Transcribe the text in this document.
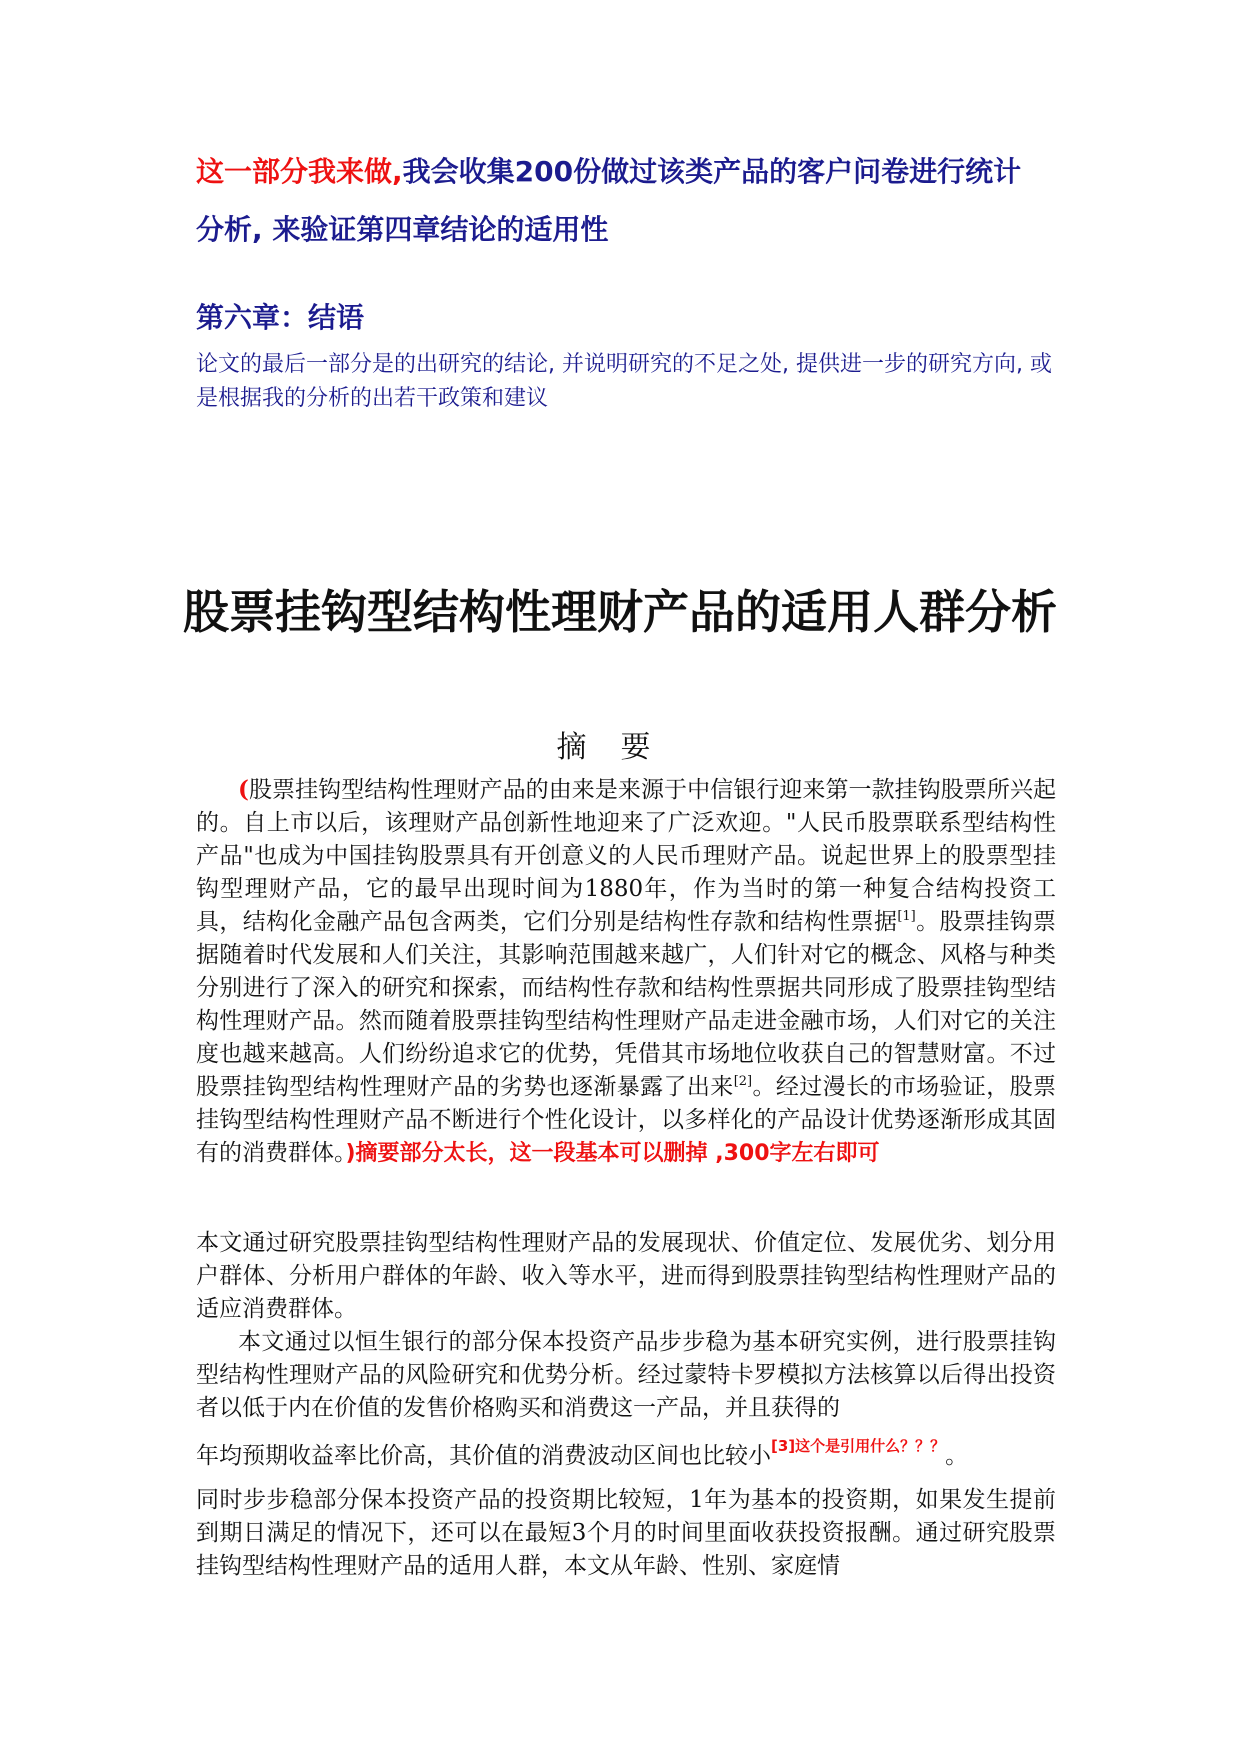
这一部分我来做,我会收集200份做过该类产品的客户问卷进行统计
分析, 来验证第四章结论的适用性
第六章：结语
论文的最后一部分是的出研究的结论, 并说明研究的不足之处, 提供进一步的研究方向, 或是根据我的分析的出若干政策和建议
股票挂钩型结构性理财产品的适用人群分析
摘要
(股票挂钩型结构性理财产品的由来是来源于中信银行迎来第一款挂钩股票所兴起的。自上市以后，该理财产品创新性地迎来了广泛欢迎。"人民币股票联系型结构性产品"也成为中国挂钩股票具有开创意义的人民币理财产品。说起世界上的股票型挂钩型理财产品，它的最早出现时间为1880年，作为当时的第一种复合结构投资工具，结构化金融产品包含两类，它们分别是结构性存款和结构性票据[1]。股票挂钩票据随着时代发展和人们关注，其影响范围越来越广，人们针对它的概念、风格与种类分别进行了深入的研究和探索，而结构性存款和结构性票据共同形成了股票挂钩型结构性理财产品。然而随着股票挂钩型结构性理财产品走进金融市场，人们对它的关注度也越来越高。人们纷纷追求它的优势，凭借其市场地位收获自己的智慧财富。不过股票挂钩型结构性理财产品的劣势也逐渐暴露了出来[2]。经过漫长的市场验证，股票挂钩型结构性理财产品不断进行个性化设计，以多样化的产品设计优势逐渐形成其固有的消费群体。)摘要部分太长，这一段基本可以删掉 ,300字左右即可
本文通过研究股票挂钩型结构性理财产品的发展现状、价值定位、发展优劣、划分用户群体、分析用户群体的年龄、收入等水平，进而得到股票挂钩型结构性理财产品的适应消费群体。
本文通过以恒生银行的部分保本投资产品步步稳为基本研究实例，进行股票挂钩型结构性理财产品的风险研究和优势分析。经过蒙特卡罗模拟方法核算以后得出投资者以低于内在价值的发售价格购买和消费这一产品，并且获得的
年均预期收益率比价高，其价值的消费波动区间也比较小$^{[3]这个是引用什么???}$。
同时步步稳部分保本投资产品的投资期比较短，1年为基本的投资期，如果发生提前到期日满足的情况下，还可以在最短3个月的时间里面收获投资报酬。通过研究股票挂钩型结构性理财产品的适用人群，本文从年龄、性别、家庭情
